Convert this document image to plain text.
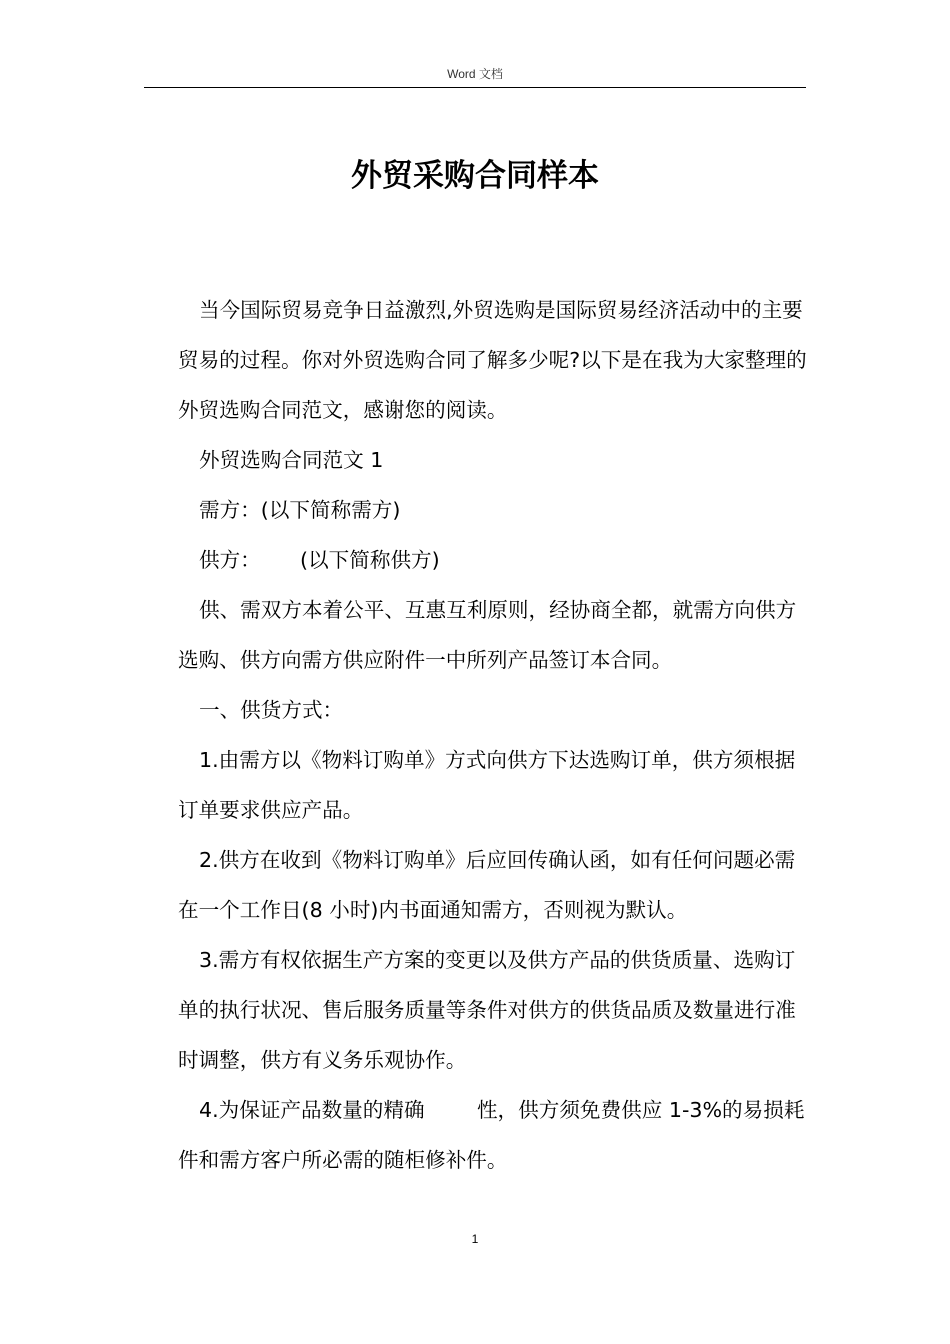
Word 文档
外贸采购合同样本

当今国际贸易竞争日益激烈,外贸选购是国际贸易经济活动中的主要贸易的过程。你对外贸选购合同了解多少呢?以下是在我为大家整理的外贸选购合同范文，感谢您的阅读。

外贸选购合同范文 1

需方：(以下简称需方)

供方：      (以下简称供方)

供、需双方本着公平、互惠互利原则，经协商全都，就需方向供方选购、供方向需方供应附件一中所列产品签订本合同。

一、供货方式：

1.由需方以《物料订购单》方式向供方下达选购订单，供方须根据订单要求供应产品。

2.供方在收到《物料订购单》后应回传确认函，如有任何问题必需在一个工作日(8 小时)内书面通知需方，否则视为默认。

3.需方有权依据生产方案的变更以及供方产品的供货质量、选购订单的执行状况、售后服务质量等条件对供方的供货品质及数量进行准时调整，供方有义务乐观协作。

4.为保证产品数量的精确        性，供方须免费供应 1-3%的易损耗件和需方客户所必需的随柜修补件。

1
